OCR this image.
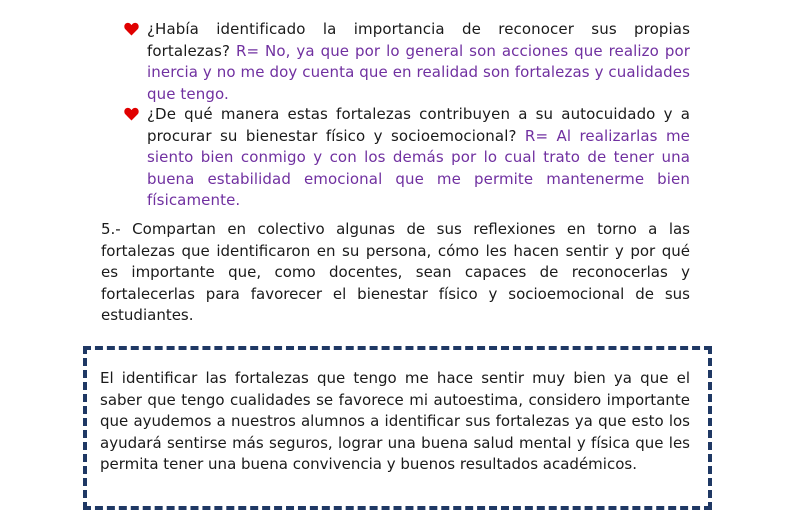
¿Había identificado la importancia de reconocer sus propias fortalezas? R= No, ya que por lo general son acciones que realizo por inercia y no me doy cuenta que en realidad son fortalezas y cualidades que tengo.
¿De qué manera estas fortalezas contribuyen a su autocuidado y a procurar su bienestar físico y socioemocional? R= Al realizarlas me siento bien conmigo y con los demás por lo cual trato de tener una buena estabilidad emocional que me permite mantenerme bien físicamente.
5.- Compartan en colectivo algunas de sus reflexiones en torno a las fortalezas que identificaron en su persona, cómo les hacen sentir y por qué es importante que, como docentes, sean capaces de reconocerlas y fortalecerlas para favorecer el bienestar físico y socioemocional de sus estudiantes.
El identificar las fortalezas que tengo me hace sentir muy bien ya que el saber que tengo cualidades se favorece mi autoestima, considero importante que ayudemos a nuestros alumnos a identificar sus fortalezas ya que esto los ayudará sentirse más seguros, lograr una buena salud mental y física que les permita tener una buena convivencia y buenos resultados académicos.
